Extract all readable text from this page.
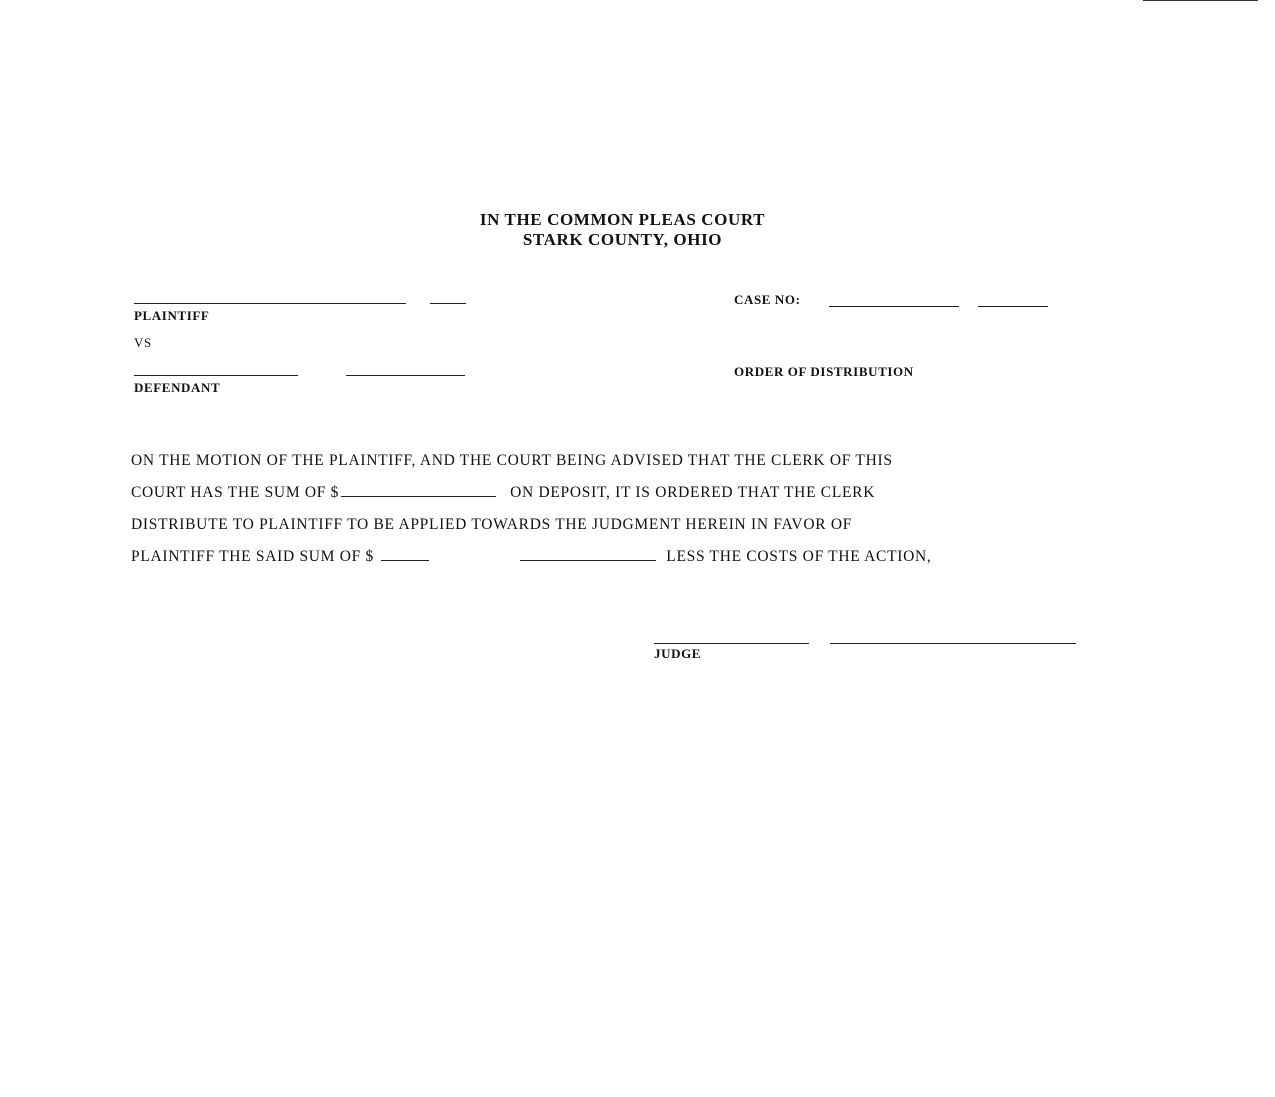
IN THE COMMON PLEAS COURT
STARK COUNTY, OHIO
PLAINTIFF
VS
DEFENDANT
CASE NO:
ORDER OF DISTRIBUTION
ON THE MOTION OF THE PLAINTIFF, AND THE COURT BEING ADVISED THAT THE CLERK OF THIS
COURT HAS THE SUM OF $	ON DEPOSIT, IT IS ORDERED THAT THE CLERK
DISTRIBUTE TO PLAINTIFF TO BE APPLIED TOWARDS THE JUDGMENT HEREIN IN FAVOR OF
PLAINTIFF THE SAID SUM OF $	LESS THE COSTS OF THE ACTION,
JUDGE
